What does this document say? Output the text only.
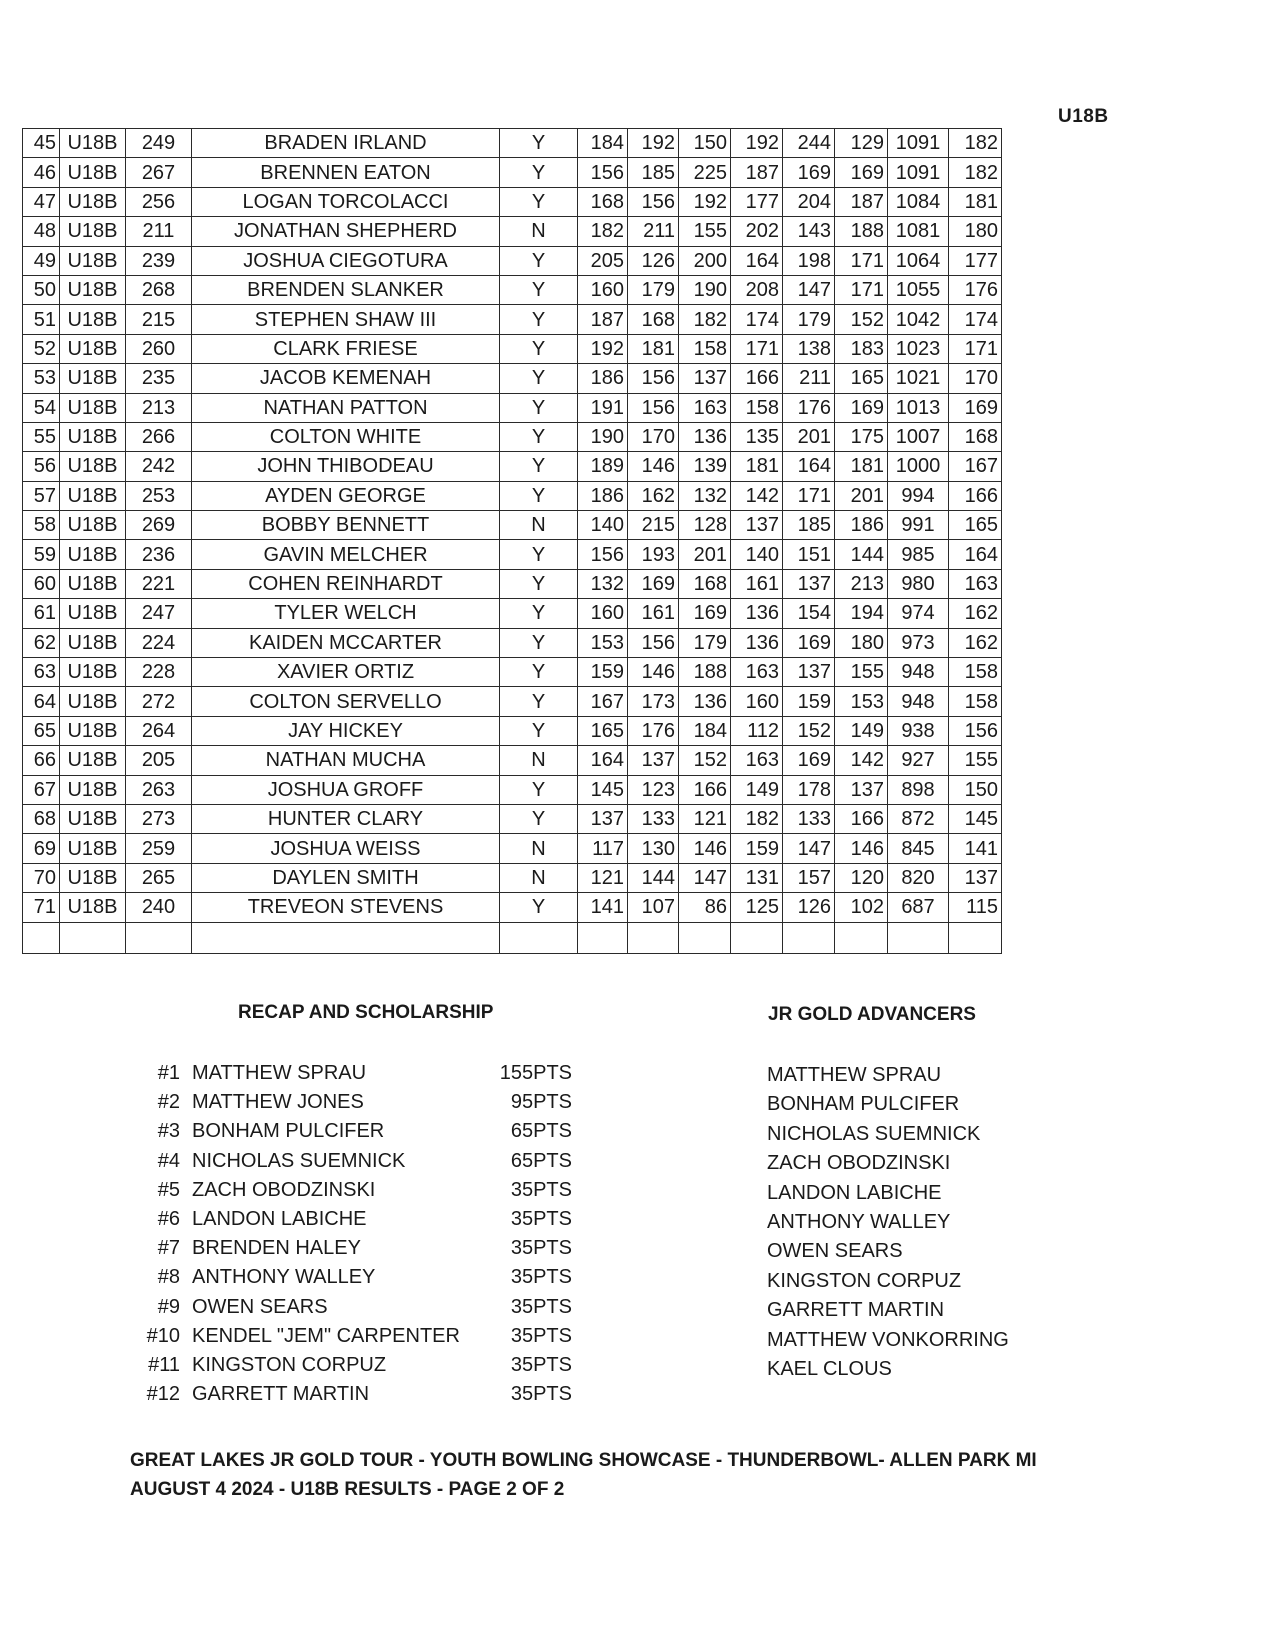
U18B
45	U18B	249	BRADEN IRLAND	Y	184	192	150	192	244	129	1091	182
46	U18B	267	BRENNEN EATON	Y	156	185	225	187	169	169	1091	182
47	U18B	256	LOGAN TORCOLACCI	Y	168	156	192	177	204	187	1084	181
48	U18B	211	JONATHAN SHEPHERD	N	182	211	155	202	143	188	1081	180
49	U18B	239	JOSHUA CIEGOTURA	Y	205	126	200	164	198	171	1064	177
50	U18B	268	BRENDEN SLANKER	Y	160	179	190	208	147	171	1055	176
51	U18B	215	STEPHEN SHAW III	Y	187	168	182	174	179	152	1042	174
52	U18B	260	CLARK FRIESE	Y	192	181	158	171	138	183	1023	171
53	U18B	235	JACOB KEMENAH	Y	186	156	137	166	211	165	1021	170
54	U18B	213	NATHAN PATTON	Y	191	156	163	158	176	169	1013	169
55	U18B	266	COLTON WHITE	Y	190	170	136	135	201	175	1007	168
56	U18B	242	JOHN THIBODEAU	Y	189	146	139	181	164	181	1000	167
57	U18B	253	AYDEN GEORGE	Y	186	162	132	142	171	201	994	166
58	U18B	269	BOBBY BENNETT	N	140	215	128	137	185	186	991	165
59	U18B	236	GAVIN MELCHER	Y	156	193	201	140	151	144	985	164
60	U18B	221	COHEN REINHARDT	Y	132	169	168	161	137	213	980	163
61	U18B	247	TYLER WELCH	Y	160	161	169	136	154	194	974	162
62	U18B	224	KAIDEN MCCARTER	Y	153	156	179	136	169	180	973	162
63	U18B	228	XAVIER ORTIZ	Y	159	146	188	163	137	155	948	158
64	U18B	272	COLTON SERVELLO	Y	167	173	136	160	159	153	948	158
65	U18B	264	JAY HICKEY	Y	165	176	184	112	152	149	938	156
66	U18B	205	NATHAN MUCHA	N	164	137	152	163	169	142	927	155
67	U18B	263	JOSHUA GROFF	Y	145	123	166	149	178	137	898	150
68	U18B	273	HUNTER CLARY	Y	137	133	121	182	133	166	872	145
69	U18B	259	JOSHUA WEISS	N	117	130	146	159	147	146	845	141
70	U18B	265	DAYLEN SMITH	N	121	144	147	131	157	120	820	137
71	U18B	240	TREVEON STEVENS	Y	141	107	86	125	126	102	687	115

RECAP AND SCHOLARSHIP
#1 MATTHEW SPRAU	155PTS
#2 MATTHEW JONES	95PTS
#3 BONHAM PULCIFER	65PTS
#4 NICHOLAS SUEMNICK	65PTS
#5 ZACH OBODZINSKI	35PTS
#6 LANDON LABICHE	35PTS
#7 BRENDEN HALEY	35PTS
#8 ANTHONY WALLEY	35PTS
#9 OWEN SEARS	35PTS
#10 KENDEL "JEM" CARPENTER	35PTS
#11 KINGSTON CORPUZ	35PTS
#12 GARRETT MARTIN	35PTS
JR GOLD ADVANCERS
MATTHEW SPRAU
BONHAM PULCIFER
NICHOLAS SUEMNICK
ZACH OBODZINSKI
LANDON LABICHE
ANTHONY WALLEY
OWEN SEARS
KINGSTON CORPUZ
GARRETT MARTIN
MATTHEW VONKORRING
KAEL CLOUS
GREAT LAKES JR GOLD TOUR - YOUTH BOWLING SHOWCASE - THUNDERBOWL- ALLEN PARK MI
AUGUST 4 2024 - U18B RESULTS - PAGE 2 OF 2
